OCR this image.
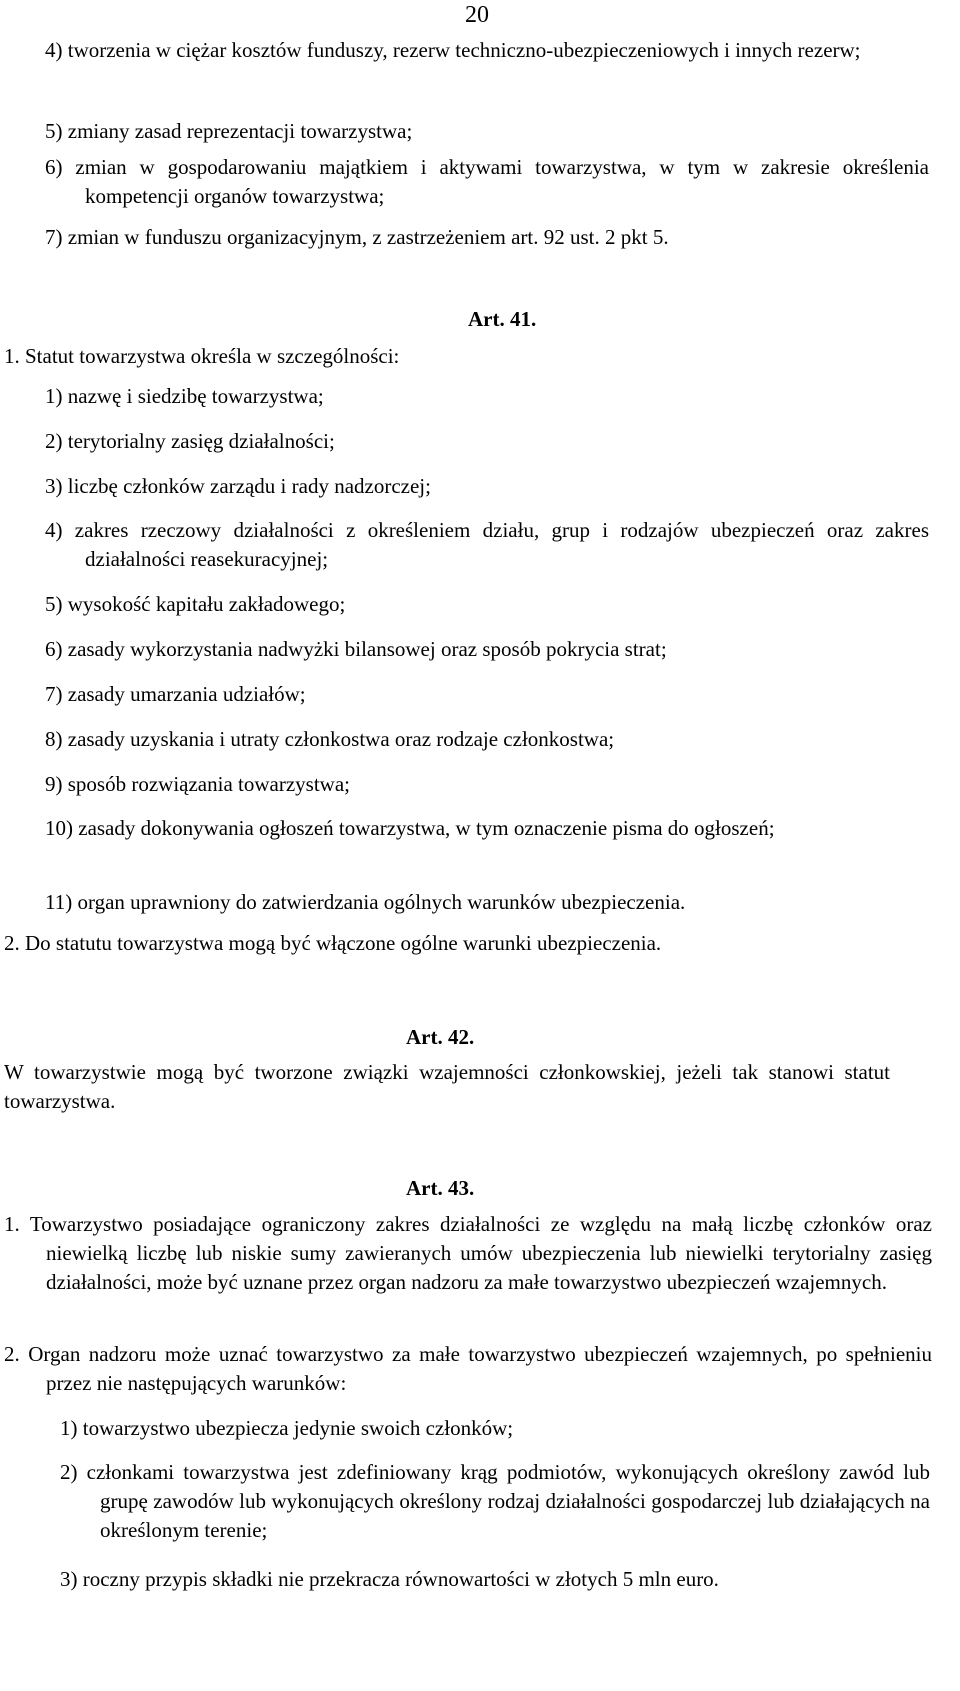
20
4) tworzenia w ciężar kosztów funduszy, rezerw techniczno-ubezpieczeniowych i innych rezerw;
5) zmiany zasad reprezentacji towarzystwa;
6) zmian w gospodarowaniu majątkiem i aktywami towarzystwa, w tym w zakresie określenia kompetencji organów towarzystwa;
7) zmian w funduszu organizacyjnym, z zastrzeżeniem art. 92 ust. 2 pkt 5.
Art. 41.
1. Statut towarzystwa określa w szczególności:
1) nazwę i siedzibę towarzystwa;
2) terytorialny zasięg działalności;
3) liczbę członków zarządu i rady nadzorczej;
4) zakres rzeczowy działalności z określeniem działu, grup i rodzajów ubezpieczeń oraz zakres działalności reasekuracyjnej;
5) wysokość kapitału zakładowego;
6) zasady wykorzystania nadwyżki bilansowej oraz sposób pokrycia strat;
7) zasady umarzania udziałów;
8) zasady uzyskania i utraty członkostwa oraz rodzaje członkostwa;
9) sposób rozwiązania towarzystwa;
10) zasady dokonywania ogłoszeń towarzystwa, w tym oznaczenie pisma do ogłoszeń;
11) organ uprawniony do zatwierdzania ogólnych warunków ubezpieczenia.
2. Do statutu towarzystwa mogą być włączone ogólne warunki ubezpieczenia.
Art. 42.
W towarzystwie mogą być tworzone związki wzajemności członkowskiej, jeżeli tak stanowi statut towarzystwa.
Art. 43.
1. Towarzystwo posiadające ograniczony zakres działalności ze względu na małą liczbę członków oraz niewielką liczbę lub niskie sumy zawieranych umów ubezpieczenia lub niewielki terytorialny zasięg działalności, może być uznane przez organ nadzoru za małe towarzystwo ubezpieczeń wzajemnych.
2. Organ nadzoru może uznać towarzystwo za małe towarzystwo ubezpieczeń wzajemnych, po spełnieniu przez nie następujących warunków:
1) towarzystwo ubezpiecza jedynie swoich członków;
2) członkami towarzystwa jest zdefiniowany krąg podmiotów, wykonujących określony zawód lub grupę zawodów lub wykonujących określony rodzaj działalności gospodarczej lub działających na określonym terenie;
3) roczny przypis składki nie przekracza równowartości w złotych 5 mln euro.
